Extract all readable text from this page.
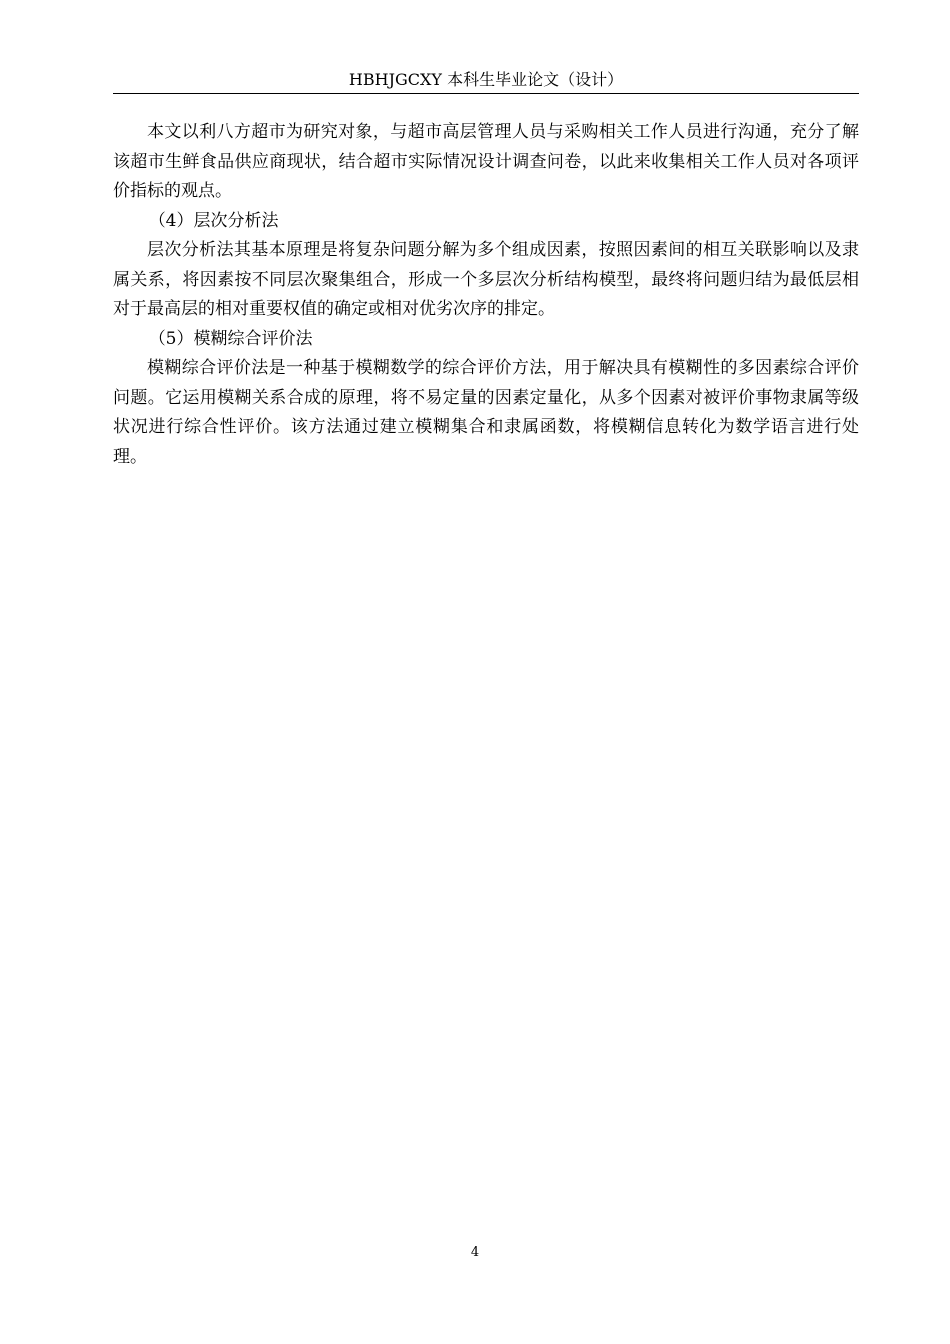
HBHJGCXY 本科生毕业论文（设计）

本文以利八方超市为研究对象，与超市高层管理人员与采购相关工作人员进行沟通，充分了解该超市生鲜食品供应商现状，结合超市实际情况设计调查问卷，以此来收集相关工作人员对各项评价指标的观点。

（4）层次分析法

层次分析法其基本原理是将复杂问题分解为多个组成因素，按照因素间的相互关联影响以及隶属关系，将因素按不同层次聚集组合，形成一个多层次分析结构模型，最终将问题归结为最低层相对于最高层的相对重要权值的确定或相对优劣次序的排定。

（5）模糊综合评价法

模糊综合评价法是一种基于模糊数学的综合评价方法，用于解决具有模糊性的多因素综合评价问题。它运用模糊关系合成的原理，将不易定量的因素定量化，从多个因素对被评价事物隶属等级状况进行综合性评价。该方法通过建立模糊集合和隶属函数，将模糊信息转化为数学语言进行处理。

4
